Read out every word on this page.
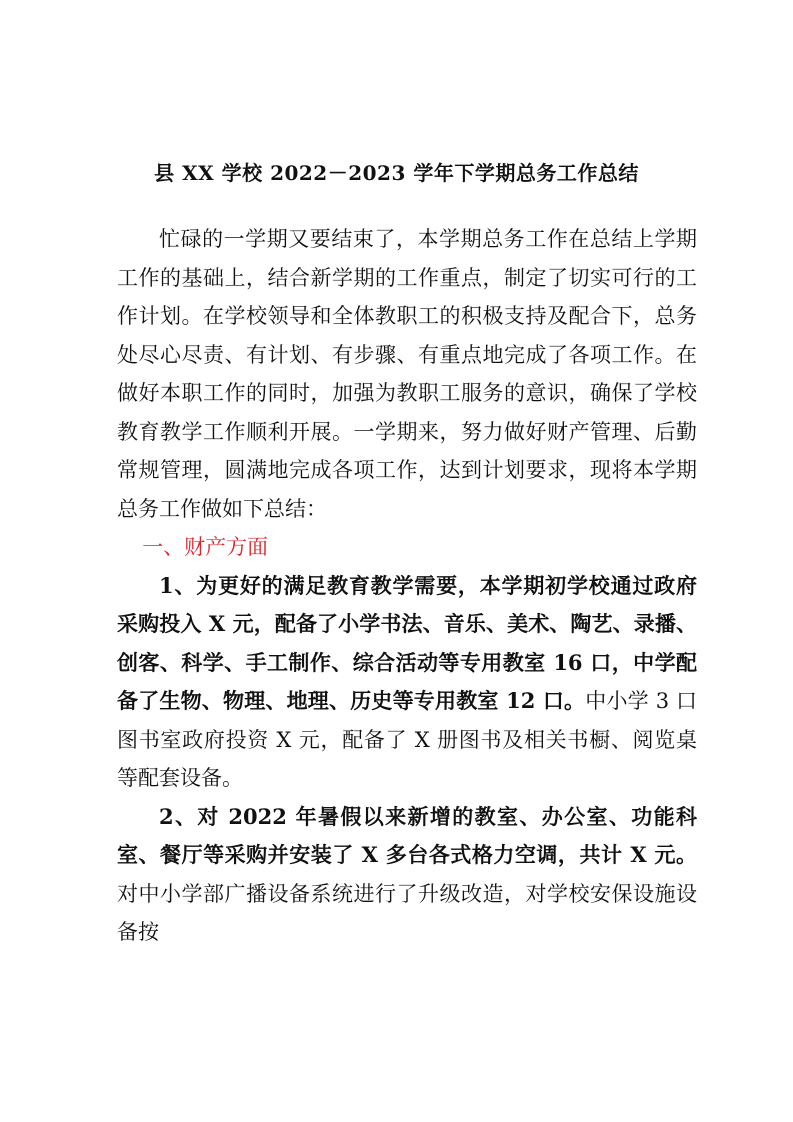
县 XX 学校 2022－2023 学年下学期总务工作总结

忙碌的一学期又要结束了，本学期总务工作在总结上学期工作的基础上，结合新学期的工作重点，制定了切实可行的工作计划。在学校领导和全体教职工的积极支持及配合下，总务处尽心尽责、有计划、有步骤、有重点地完成了各项工作。在做好本职工作的同时，加强为教职工服务的意识，确保了学校教育教学工作顺利开展。一学期来，努力做好财产管理、后勤常规管理，圆满地完成各项工作，达到计划要求，现将本学期总务工作做如下总结：

一、财产方面

1、为更好的满足教育教学需要，本学期初学校通过政府采购投入 X 元，配备了小学书法、音乐、美术、陶艺、录播、创客、科学、手工制作、综合活动等专用教室 16 口，中学配备了生物、物理、地理、历史等专用教室 12 口。中小学 3 口图书室政府投资 X 元，配备了 X 册图书及相关书橱、阅览桌等配套设备。

2、对 2022 年暑假以来新增的教室、办公室、功能科室、餐厅等采购并安装了 X 多台各式格力空调，共计 X 元。对中小学部广播设备系统进行了升级改造，对学校安保设施设备按
